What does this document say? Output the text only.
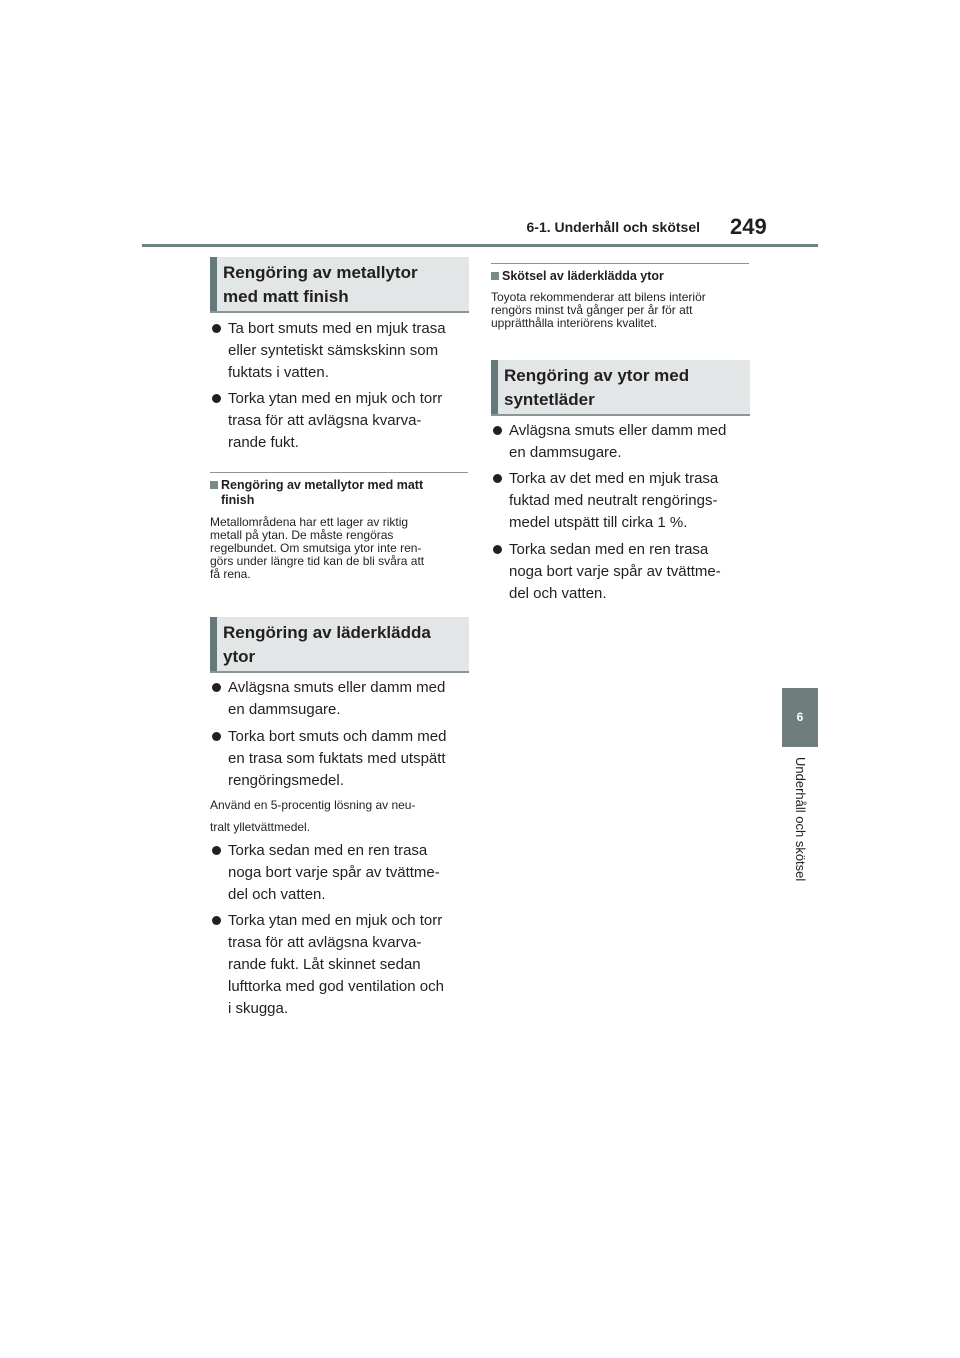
6-1. Underhåll och skötsel 249
6
Underhåll och skötsel
Rengöring av metallytor
med matt finish
Ta bort smuts med en mjuk trasa
eller syntetiskt sämskskinn som
fuktats i vatten.
Torka ytan med en mjuk och torr
trasa för att avlägsna kvarva-
rande fukt.
Rengöring av metallytor med matt
finish
Metallområdena har ett lager av riktig
metall på ytan. De måste rengöras
regelbundet. Om smutsiga ytor inte ren-
görs under längre tid kan de bli svåra att
få rena.
Rengöring av läderklädda
ytor
Avlägsna smuts eller damm med
en dammsugare.
Torka bort smuts och damm med
en trasa som fuktats med utspätt
rengöringsmedel.
Använd en 5-procentig lösning av neu-
tralt ylletvättmedel.
Torka sedan med en ren trasa
noga bort varje spår av tvättme-
del och vatten.
Torka ytan med en mjuk och torr
trasa för att avlägsna kvarva-
rande fukt. Låt skinnet sedan
lufttorka med god ventilation och
i skugga.
Skötsel av läderklädda ytor
Toyota rekommenderar att bilens interiör
rengörs minst två gånger per år för att
upprätthålla interiörens kvalitet.
Rengöring av ytor med
syntetläder
Avlägsna smuts eller damm med
en dammsugare.
Torka av det med en mjuk trasa
fuktad med neutralt rengörings-
medel utspätt till cirka 1 %.
Torka sedan med en ren trasa
noga bort varje spår av tvättme-
del och vatten.
